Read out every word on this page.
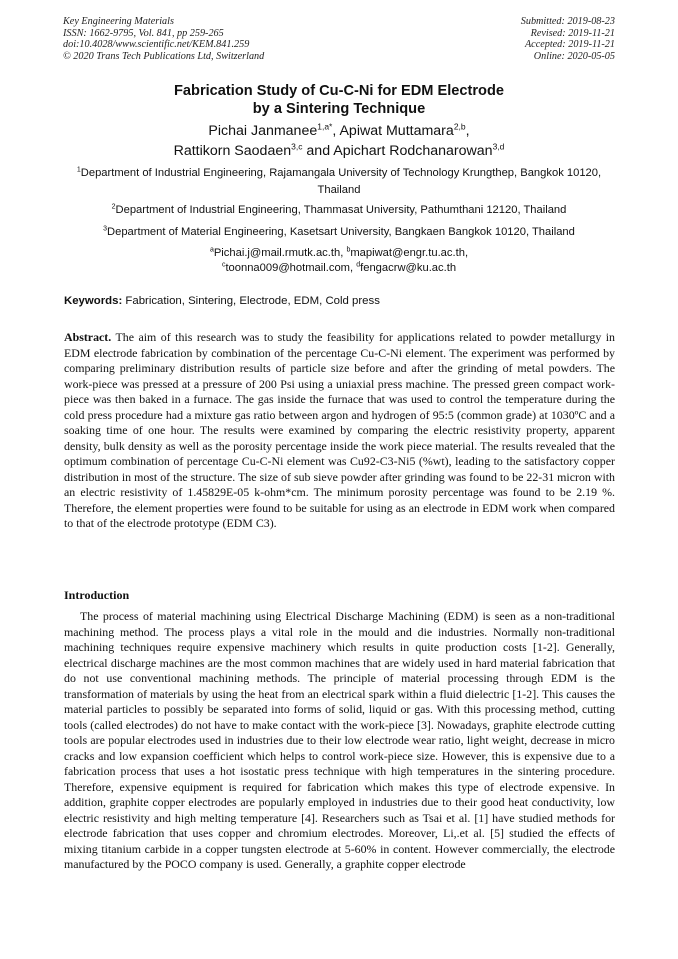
Key Engineering Materials
ISSN: 1662-9795, Vol. 841, pp 259-265
doi:10.4028/www.scientific.net/KEM.841.259
© 2020 Trans Tech Publications Ltd, Switzerland
Submitted: 2019-08-23
Revised: 2019-11-21
Accepted: 2019-11-21
Online: 2020-05-05
Fabrication Study of Cu-C-Ni for EDM Electrode
by a Sintering Technique
Pichai Janmanee$^{1,a*}$, Apiwat Muttamara$^{2,b}$,
Rattikorn Saodaen$^{3,c}$ and Apichart Rodchanarowan$^{3,d}$
$^1$Department of Industrial Engineering, Rajamangala University of Technology Krungthep, Bangkok 10120, Thailand
$^2$Department of Industrial Engineering, Thammasat University, Pathumthani 12120, Thailand
$^3$Department of Material Engineering, Kasetsart University, Bangkaen Bangkok 10120, Thailand
$^a$Pichai.j@mail.rmutk.ac.th, $^b$mapiwat@engr.tu.ac.th,
$^c$toonna009@hotmail.com, $^d$fengacrw@ku.ac.th
Keywords: Fabrication, Sintering, Electrode, EDM, Cold press
Abstract. The aim of this research was to study the feasibility for applications related to powder metallurgy in EDM electrode fabrication by combination of the percentage Cu-C-Ni element. The experiment was performed by comparing preliminary distribution results of particle size before and after the grinding of metal powders. The work-piece was pressed at a pressure of 200 Psi using a uniaxial press machine. The pressed green compact work-piece was then baked in a furnace. The gas inside the furnace that was used to control the temperature during the cold press procedure had a mixture gas ratio between argon and hydrogen of 95:5 (common grade) at 1030ºC and a soaking time of one hour. The results were examined by comparing the electric resistivity property, apparent density, bulk density as well as the porosity percentage inside the work piece material. The results revealed that the optimum combination of percentage Cu-C-Ni element was Cu92-C3-Ni5 (%wt), leading to the satisfactory copper distribution in most of the structure. The size of sub sieve powder after grinding was found to be 22-31 micron with an electric resistivity of 1.45829E-05 k-ohm*cm. The minimum porosity percentage was found to be 2.19 %. Therefore, the element properties were found to be suitable for using as an electrode in EDM work when compared to that of the electrode prototype (EDM C3).
Introduction

The process of material machining using Electrical Discharge Machining (EDM) is seen as a non-traditional machining method. The process plays a vital role in the mould and die industries. Normally non-traditional machining techniques require expensive machinery which results in quite production costs [1-2]. Generally, electrical discharge machines are the most common machines that are widely used in hard material fabrication that do not use conventional machining methods. The principle of material processing through EDM is the transformation of materials by using the heat from an electrical spark within a fluid dielectric [1-2]. This causes the material particles to possibly be separated into forms of solid, liquid or gas. With this processing method, cutting tools (called electrodes) do not have to make contact with the work-piece [3]. Nowadays, graphite electrode cutting tools are popular electrodes used in industries due to their low electrode wear ratio, light weight, decrease in micro cracks and low expansion coefficient which helps to control work-piece size. However, this is expensive due to a fabrication process that uses a hot isostatic press technique with high temperatures in the sintering procedure. Therefore, expensive equipment is required for fabrication which makes this type of electrode expensive. In addition, graphite copper electrodes are popularly employed in industries due to their good heat conductivity, low electric resistivity and high melting temperature [4]. Researchers such as Tsai et al. [1] have studied methods for electrode fabrication that uses copper and chromium electrodes. Moreover, Li,.et al. [5] studied the effects of mixing titanium carbide in a copper tungsten electrode at 5-60% in content. However commercially, the electrode manufactured by the POCO company is used. Generally, a graphite copper electrode
